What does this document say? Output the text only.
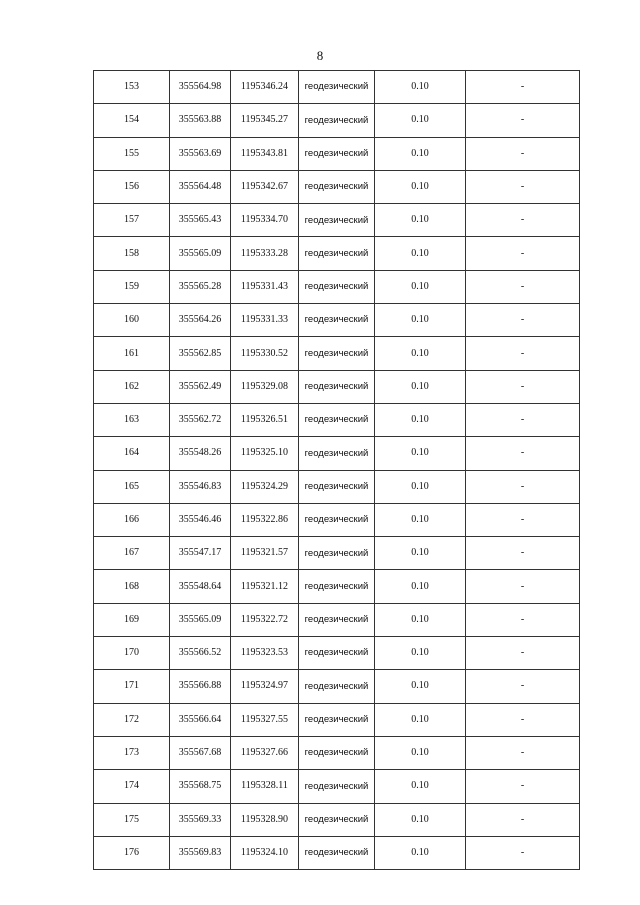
8
153	355564.98	1195346.24	геодезический	0.10	-
154	355563.88	1195345.27	геодезический	0.10	-
155	355563.69	1195343.81	геодезический	0.10	-
156	355564.48	1195342.67	геодезический	0.10	-
157	355565.43	1195334.70	геодезический	0.10	-
158	355565.09	1195333.28	геодезический	0.10	-
159	355565.28	1195331.43	геодезический	0.10	-
160	355564.26	1195331.33	геодезический	0.10	-
161	355562.85	1195330.52	геодезический	0.10	-
162	355562.49	1195329.08	геодезический	0.10	-
163	355562.72	1195326.51	геодезический	0.10	-
164	355548.26	1195325.10	геодезический	0.10	-
165	355546.83	1195324.29	геодезический	0.10	-
166	355546.46	1195322.86	геодезический	0.10	-
167	355547.17	1195321.57	геодезический	0.10	-
168	355548.64	1195321.12	геодезический	0.10	-
169	355565.09	1195322.72	геодезический	0.10	-
170	355566.52	1195323.53	геодезический	0.10	-
171	355566.88	1195324.97	геодезический	0.10	-
172	355566.64	1195327.55	геодезический	0.10	-
173	355567.68	1195327.66	геодезический	0.10	-
174	355568.75	1195328.11	геодезический	0.10	-
175	355569.33	1195328.90	геодезический	0.10	-
176	355569.83	1195324.10	геодезический	0.10	-
